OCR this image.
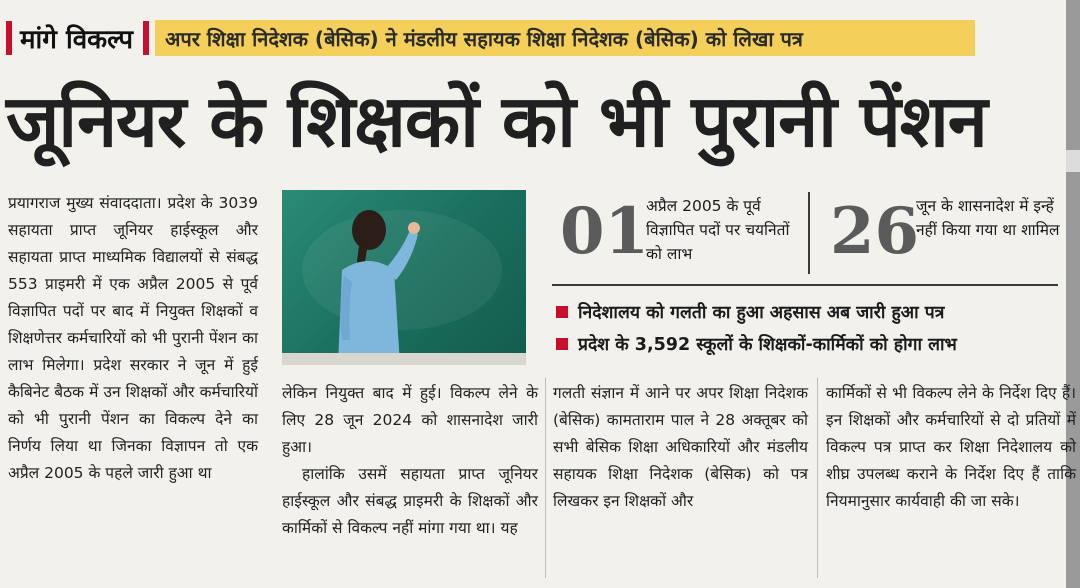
मांगे विकल्प अपर शिक्षा निदेशक (बेसिक) ने मंडलीय सहायक शिक्षा निदेशक (बेसिक) को लिखा पत्र
जूनियर के शिक्षकों को भी पुरानी पेंशन

प्रयागराज मुख्य संवाददाता। प्रदेश के 3039 सहायता प्राप्त जूनियर हाईस्कूल और सहायता प्राप्त माध्यमिक विद्यालयों से संबद्ध 553 प्राइमरी में एक अप्रैल 2005 से पूर्व विज्ञापित पदों पर बाद में नियुक्त शिक्षकों व शिक्षणेत्तर कर्मचारियों को भी पुरानी पेंशन का लाभ मिलेगा। प्रदेश सरकार ने जून में हुई कैबिनेट बैठक में उन शिक्षकों और कर्मचारियों को भी पुरानी पेंशन का विकल्प देने का निर्णय लिया था जिनका विज्ञापन तो एक अप्रैल 2005 के पहले जारी हुआ था

01
अप्रैल 2005 के पूर्व विज्ञापित पदों पर चयनितों को लाभ	26
जून के शासनादेश में इन्हें नहीं किया गया था शामिल
निदेशालय को गलती का हुआ अहसास अब जारी हुआ पत्र
प्रदेश के 3,592 स्कूलों के शिक्षकों-कार्मिकों को होगा लाभ

लेकिन नियुक्त बाद में हुई। विकल्प लेने के लिए 28 जून 2024 को शासनादेश जारी हुआ।

हालांकि उसमें सहायता प्राप्त जूनियर हाईस्कूल और संबद्ध प्राइमरी के शिक्षकों और कार्मिकों से विकल्प नहीं मांगा गया था। यह

गलती संज्ञान में आने पर अपर शिक्षा निदेशक (बेसिक) कामताराम पाल ने 28 अक्तूबर को सभी बेसिक शिक्षा अधिकारियों और मंडलीय सहायक शिक्षा निदेशक (बेसिक) को पत्र लिखकर इन शिक्षकों और

कार्मिकों से भी विकल्प लेने के निर्देश दिए हैं। इन शिक्षकों और कर्मचारियों से दो प्रतियों में विकल्प पत्र प्राप्त कर शिक्षा निदेशालय को शीघ्र उपलब्ध कराने के निर्देश दिए हैं ताकि नियमानुसार कार्यवाही की जा सके।
